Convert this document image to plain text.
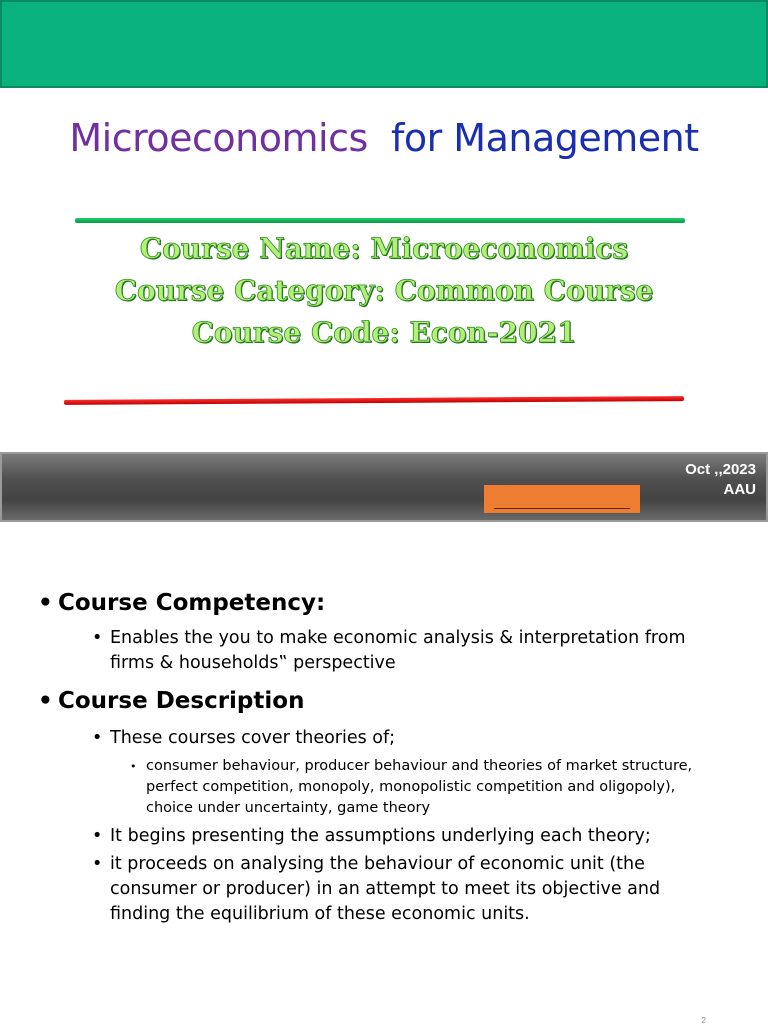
Microeconomics for Management
Course Name: Microeconomics
Course Category: Common Course
Course Code: Econ-2021
Oct ,,2023
AAU
• Course Competency:
• Enables the you to make economic analysis & interpretation from firms & households‟ perspective
• Course Description
• These courses cover theories of;
• consumer behaviour, producer behaviour and theories of market structure, perfect competition, monopoly, monopolistic competition and oligopoly), choice under uncertainty, game theory
• It begins presenting the assumptions underlying each theory;
• it proceeds on analysing the behaviour of economic unit (the consumer or producer) in an attempt to meet its objective and finding the equilibrium of these economic units.
2
